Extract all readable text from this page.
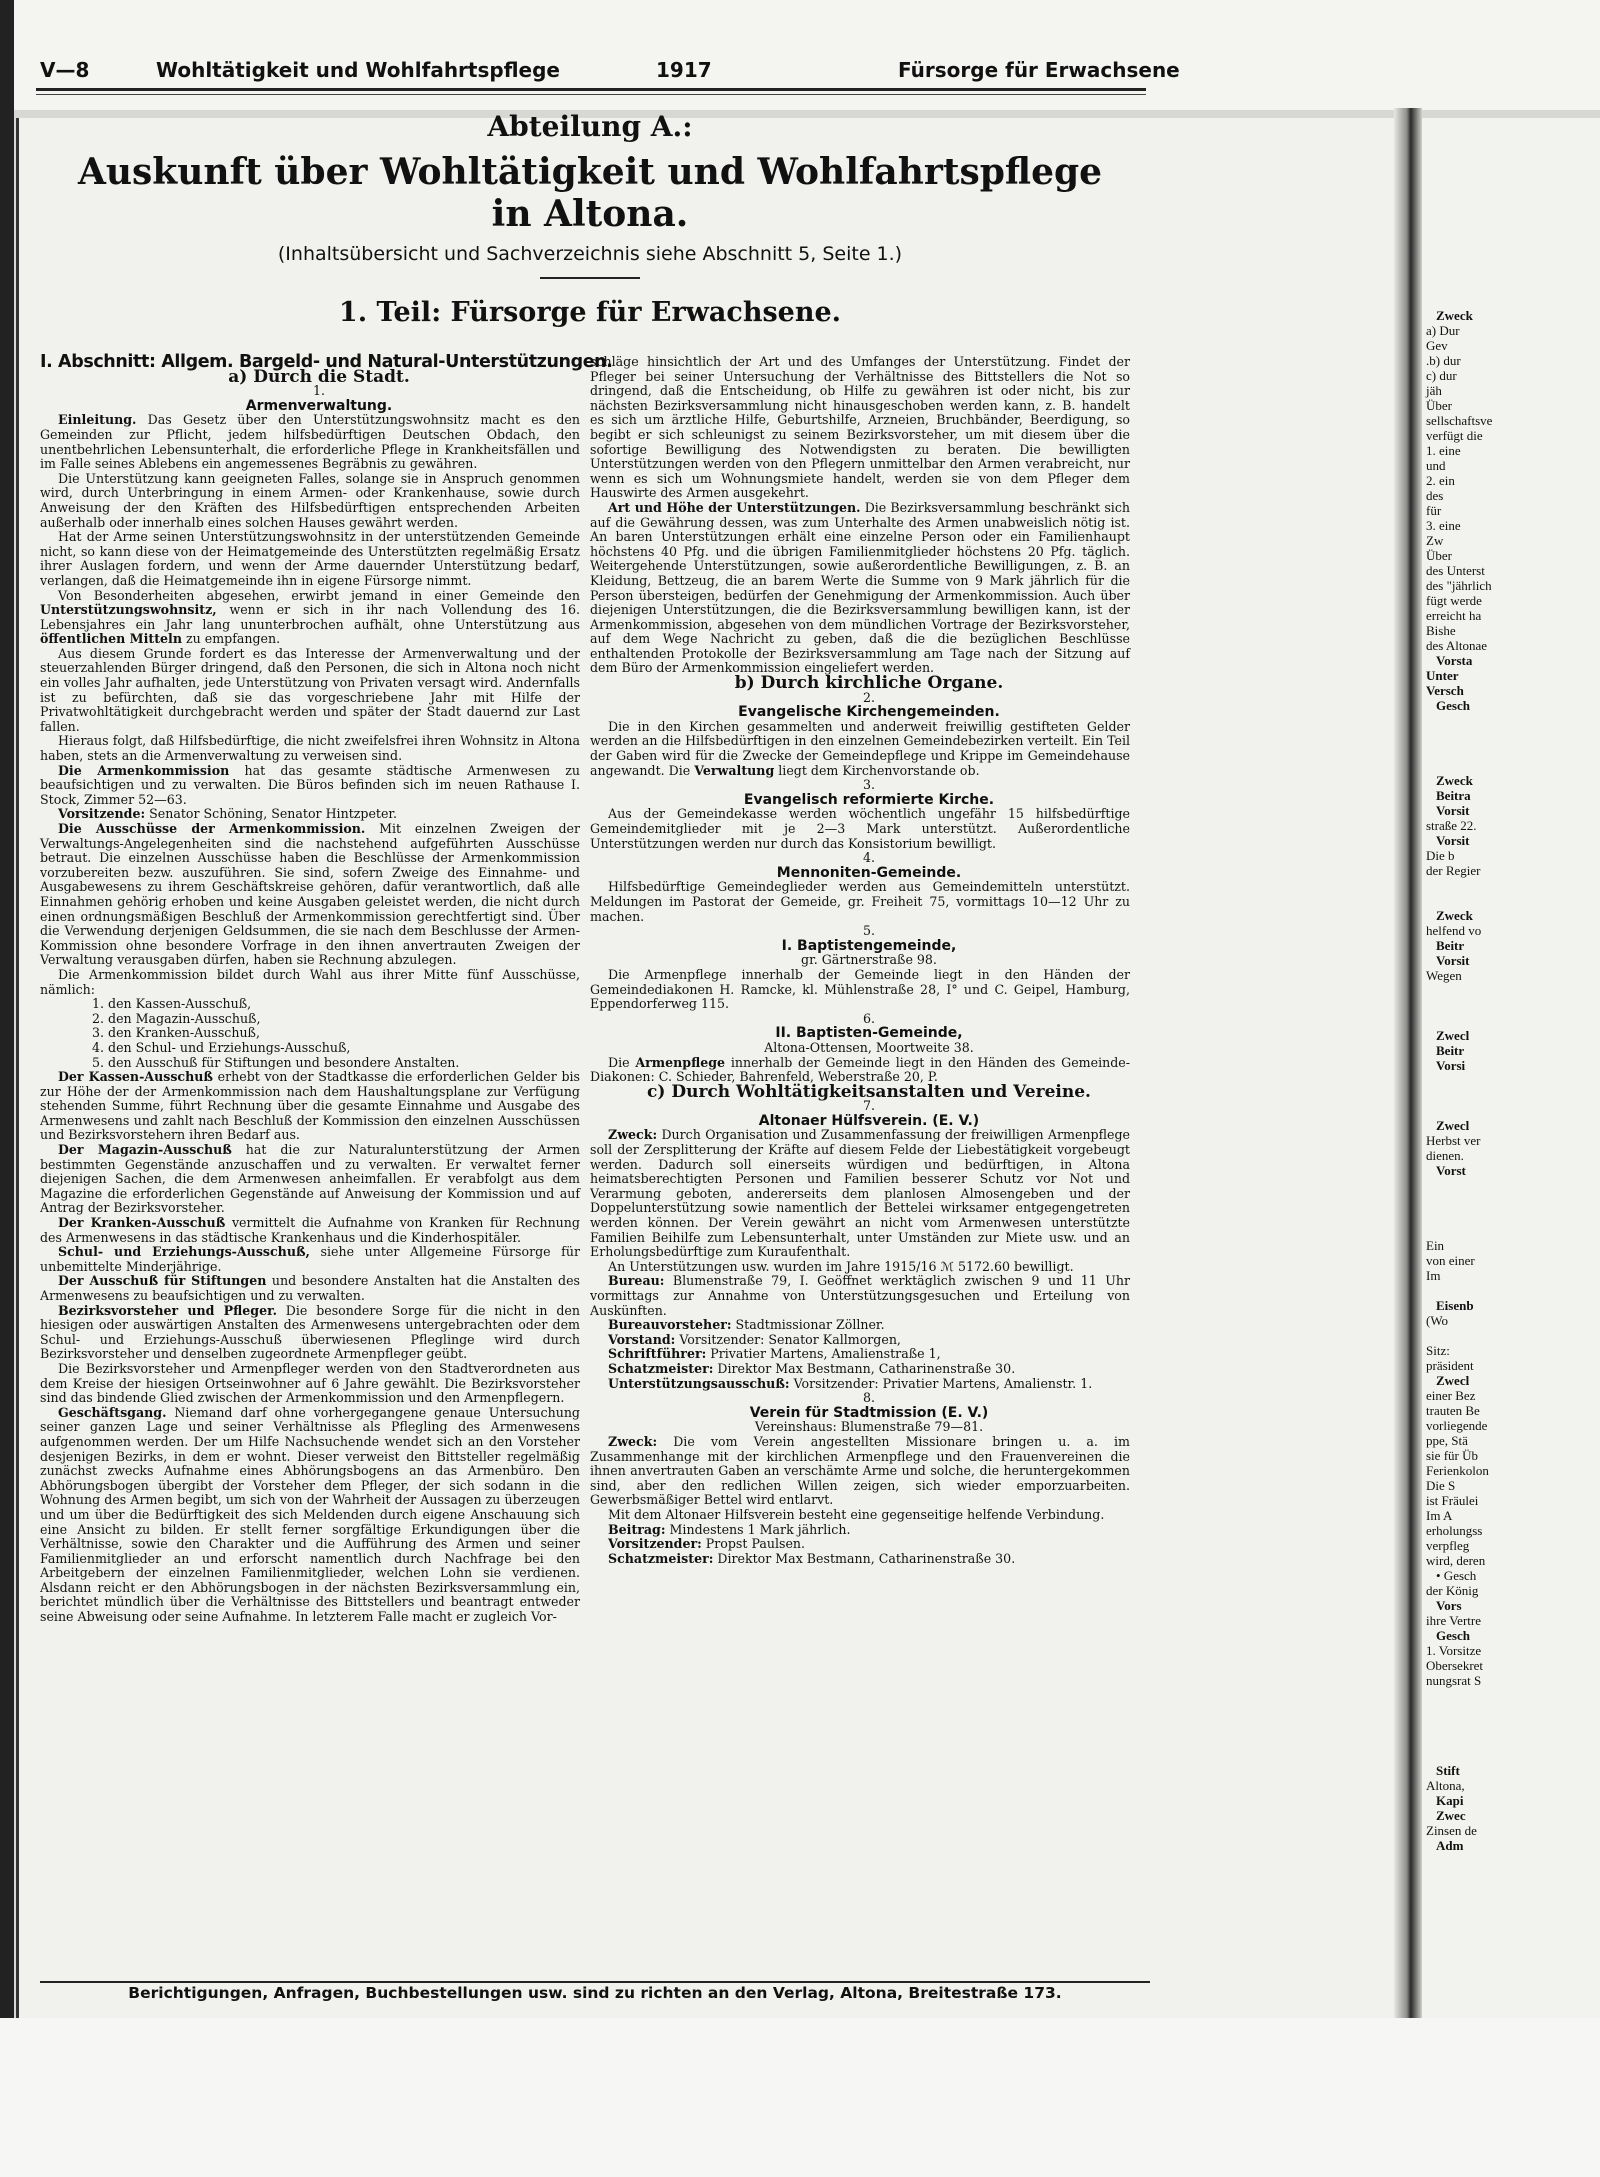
Zweck
a) Dur
Gev
.b) dur
c) dur
jäh
Über
sellschaftsve
verfügt die
1. eine
und
2. ein
des
für
3. eine
Zw
Über
des Unterst
des "jährlich
fügt werde
erreicht ha
Bishe
des Altonae
Vorsta
Unter
Versch
Gesch
Zweck
Beitra
Vorsit
straße 22.
Vorsit
Die b
der Regier
Zweck
helfend vo
Beitr
Vorsit
Wegen
Zwecl
Beitr
Vorsi
Zwecl
Herbst ver
dienen.
Vorst
Ein
von einer
Im
Eisenb
(Wo
Sitz:
präsident
Zwecl
einer Bez
trauten Be
vorliegende
ppe, Stä
sie für Üb
Ferienkolon
Die S
ist Fräulei
Im A
erholungss
verpfleg
wird, deren
• Gesch
der König
Vors
ihre Vertre
Gesch
1. Vorsitze
Obersekret
nungsrat S
Stift
Altona,
Kapi
Zwec
Zinsen de
Adm
V—8	Wohltätigkeit und Wohlfahrtspflege	1917	Fürsorge für Erwachsene
Abteilung A.:
Auskunft über Wohltätigkeit und Wohlfahrtspflege
in Altona.
(Inhaltsübersicht und Sachverzeichnis siehe Abschnitt 5, Seite 1.)
1. Teil: Fürsorge für Erwachsene.

I. Abschnitt: Allgem. Bargeld- und Natural-Unterstützungen.

a) Durch die Stadt.

1.

Armenverwaltung.

Einleitung. Das Gesetz über den Unterstützungswohnsitz macht es den Gemeinden zur Pflicht, jedem hilfsbedürftigen Deutschen Obdach, den unentbehrlichen Lebensunterhalt, die erforderliche Pflege in Krankheitsfällen und im Falle seines Ablebens ein angemessenes Begräbnis zu gewähren.

Die Unterstützung kann geeigneten Falles, solange sie in Anspruch genommen wird, durch Unterbringung in einem Armen- oder Krankenhause, sowie durch Anweisung der den Kräften des Hilfsbedürftigen entsprechenden Arbeiten außerhalb oder innerhalb eines solchen Hauses gewährt werden.

Hat der Arme seinen Unterstützungswohnsitz in der unterstützenden Gemeinde nicht, so kann diese von der Heimatgemeinde des Unterstützten regelmäßig Ersatz ihrer Auslagen fordern, und wenn der Arme dauernder Unterstützung bedarf, verlangen, daß die Heimatgemeinde ihn in eigene Fürsorge nimmt.

Von Besonderheiten abgesehen, erwirbt jemand in einer Gemeinde den Unterstützungswohnsitz, wenn er sich in ihr nach Vollendung des 16. Lebensjahres ein Jahr lang ununterbrochen aufhält, ohne Unterstützung aus öffentlichen Mitteln zu empfangen.

Aus diesem Grunde fordert es das Interesse der Armenverwaltung und der steuerzahlenden Bürger dringend, daß den Personen, die sich in Altona noch nicht ein volles Jahr aufhalten, jede Unterstützung von Privaten versagt wird. Andernfalls ist zu befürchten, daß sie das vorgeschriebene Jahr mit Hilfe der Privatwohltätigkeit durchgebracht werden und später der Stadt dauernd zur Last fallen.

Hieraus folgt, daß Hilfsbedürftige, die nicht zweifelsfrei ihren Wohnsitz in Altona haben, stets an die Armenverwaltung zu verweisen sind.

Die Armenkommission hat das gesamte städtische Armenwesen zu beaufsichtigen und zu verwalten. Die Büros befinden sich im neuen Rathause I. Stock, Zimmer 52—63.

Vorsitzende: Senator Schöning, Senator Hintzpeter.

Die Ausschüsse der Armenkommission. Mit einzelnen Zweigen der Verwaltungs-Angelegenheiten sind die nachstehend aufgeführten Ausschüsse betraut. Die einzelnen Ausschüsse haben die Beschlüsse der Armenkommission vorzubereiten bezw. auszuführen. Sie sind, sofern Zweige des Einnahme- und Ausgabewesens zu ihrem Geschäftskreise gehören, dafür verantwortlich, daß alle Einnahmen gehörig erhoben und keine Ausgaben geleistet werden, die nicht durch einen ordnungsmäßigen Beschluß der Armenkommission gerechtfertigt sind. Über die Verwendung derjenigen Geldsummen, die sie nach dem Beschlusse der Armen-Kommission ohne besondere Vorfrage in den ihnen anvertrauten Zweigen der Verwaltung verausgaben dürfen, haben sie Rechnung abzulegen.

Die Armenkommission bildet durch Wahl aus ihrer Mitte fünf Ausschüsse, nämlich:

1. den Kassen-Ausschuß,
2. den Magazin-Ausschuß,
3. den Kranken-Ausschuß,
4. den Schul- und Erziehungs-Ausschuß,
5. den Ausschuß für Stiftungen und besondere Anstalten.

Der Kassen-Ausschuß erhebt von der Stadtkasse die erforderlichen Gelder bis zur Höhe der der Armenkommission nach dem Haushaltungsplane zur Verfügung stehenden Summe, führt Rechnung über die gesamte Einnahme und Ausgabe des Armenwesens und zahlt nach Beschluß der Kommission den einzelnen Ausschüssen und Bezirksvorstehern ihren Bedarf aus.

Der Magazin-Ausschuß hat die zur Naturalunterstützung der Armen bestimmten Gegenstände anzuschaffen und zu verwalten. Er verwaltet ferner diejenigen Sachen, die dem Armenwesen anheimfallen. Er verabfolgt aus dem Magazine die erforderlichen Gegenstände auf Anweisung der Kommission und auf Antrag der Bezirksvorsteher.

Der Kranken-Ausschuß vermittelt die Aufnahme von Kranken für Rechnung des Armenwesens in das städtische Krankenhaus und die Kinderhospitäler.

Schul- und Erziehungs-Ausschuß, siehe unter Allgemeine Fürsorge für unbemittelte Minderjährige.

Der Ausschuß für Stiftungen und besondere Anstalten hat die Anstalten des Armenwesens zu beaufsichtigen und zu verwalten.

Bezirksvorsteher und Pfleger. Die besondere Sorge für die nicht in den hiesigen oder auswärtigen Anstalten des Armenwesens untergebrachten oder dem Schul- und Erziehungs-Ausschuß überwiesenen Pfleglinge wird durch Bezirksvorsteher und denselben zugeordnete Armenpfleger geübt.

Die Bezirksvorsteher und Armenpfleger werden von den Stadtverordneten aus dem Kreise der hiesigen Ortseinwohner auf 6 Jahre gewählt. Die Bezirksvorsteher sind das bindende Glied zwischen der Armenkommission und den Armenpflegern.

Geschäftsgang. Niemand darf ohne vorhergegangene genaue Untersuchung seiner ganzen Lage und seiner Verhältnisse als Pflegling des Armenwesens aufgenommen werden. Der um Hilfe Nachsuchende wendet sich an den Vorsteher desjenigen Bezirks, in dem er wohnt. Dieser verweist den Bittsteller regelmäßig zunächst zwecks Aufnahme eines Abhörungsbogens an das Armenbüro. Den Abhörungsbogen übergibt der Vorsteher dem Pfleger, der sich sodann in die Wohnung des Armen begibt, um sich von der Wahrheit der Aussagen zu überzeugen und um über die Bedürftigkeit des sich Meldenden durch eigene Anschauung sich eine Ansicht zu bilden. Er stellt ferner sorgfältige Erkundigungen über die Verhältnisse, sowie den Charakter und die Aufführung des Armen und seiner Familienmitglieder an und erforscht namentlich durch Nachfrage bei den Arbeitgebern der einzelnen Familienmitglieder, welchen Lohn sie verdienen. Alsdann reicht er den Abhörungsbogen in der nächsten Bezirksversammlung ein, berichtet mündlich über die Verhältnisse des Bittstellers und beantragt entweder seine Abweisung oder seine Aufnahme. In letzterem Falle macht er zugleich Vor-

schläge hinsichtlich der Art und des Umfanges der Unterstützung. Findet der Pfleger bei seiner Untersuchung der Verhältnisse des Bittstellers die Not so dringend, daß die Entscheidung, ob Hilfe zu gewähren ist oder nicht, bis zur nächsten Bezirksversammlung nicht hinausgeschoben werden kann, z. B. handelt es sich um ärztliche Hilfe, Geburtshilfe, Arzneien, Bruchbänder, Beerdigung, so begibt er sich schleunigst zu seinem Bezirksvorsteher, um mit diesem über die sofortige Bewilligung des Notwendigsten zu beraten. Die bewilligten Unterstützungen werden von den Pflegern unmittelbar den Armen verabreicht, nur wenn es sich um Wohnungsmiete handelt, werden sie von dem Pfleger dem Hauswirte des Armen ausgekehrt.

Art und Höhe der Unterstützungen. Die Bezirksversammlung beschränkt sich auf die Gewährung dessen, was zum Unterhalte des Armen unabweislich nötig ist. An baren Unterstützungen erhält eine einzelne Person oder ein Familienhaupt höchstens 40 Pfg. und die übrigen Familienmitglieder höchstens 20 Pfg. täglich. Weitergehende Unterstützungen, sowie außerordentliche Bewilligungen, z. B. an Kleidung, Bettzeug, die an barem Werte die Summe von 9 Mark jährlich für die Person übersteigen, bedürfen der Genehmigung der Armenkommission. Auch über diejenigen Unterstützungen, die die Bezirksversammlung bewilligen kann, ist der Armenkommission, abgesehen von dem mündlichen Vortrage der Bezirksvorsteher, auf dem Wege Nachricht zu geben, daß die die bezüglichen Beschlüsse enthaltenden Protokolle der Bezirksversammlung am Tage nach der Sitzung auf dem Büro der Armenkommission eingeliefert werden.

b) Durch kirchliche Organe.

2.

Evangelische Kirchengemeinden.

Die in den Kirchen gesammelten und anderweit freiwillig gestifteten Gelder werden an die Hilfsbedürftigen in den einzelnen Gemeindebezirken verteilt. Ein Teil der Gaben wird für die Zwecke der Gemeindepflege und Krippe im Gemeindehause angewandt. Die Verwaltung liegt dem Kirchenvorstande ob.

3.

Evangelisch reformierte Kirche.

Aus der Gemeindekasse werden wöchentlich ungefähr 15 hilfsbedürftige Gemeindemitglieder mit je 2—3 Mark unterstützt. Außerordentliche Unterstützungen werden nur durch das Konsistorium bewilligt.

4.

Mennoniten-Gemeinde.

Hilfsbedürftige Gemeindeglieder werden aus Gemeindemitteln unterstützt. Meldungen im Pastorat der Gemeide, gr. Freiheit 75, vormittags 10—12 Uhr zu machen.

5.

I. Baptistengemeinde,

gr. Gärtnerstraße 98.

Die Armenpflege innerhalb der Gemeinde liegt in den Händen der Gemeindediakonen H. Ramcke, kl. Mühlenstraße 28, I° und C. Geipel, Hamburg, Eppendorferweg 115.

6.

II. Baptisten-Gemeinde,

Altona-Ottensen, Moortweite 38.

Die Armenpflege innerhalb der Gemeinde liegt in den Händen des Gemeinde-Diakonen: C. Schieder, Bahrenfeld, Weberstraße 20, P.

c) Durch Wohltätigkeitsanstalten und Vereine.

7.

Altonaer Hülfsverein. (E. V.)

Zweck: Durch Organisation und Zusammenfassung der freiwilligen Armenpflege soll der Zersplitterung der Kräfte auf diesem Felde der Liebestätigkeit vorgebeugt werden. Dadurch soll einerseits würdigen und bedürftigen, in Altona heimatsberechtigten Personen und Familien besserer Schutz vor Not und Verarmung geboten, andererseits dem planlosen Almosengeben und der Doppelunterstützung sowie namentlich der Bettelei wirksamer entgegengetreten werden können. Der Verein gewährt an nicht vom Armenwesen unterstützte Familien Beihilfe zum Lebensunterhalt, unter Umständen zur Miete usw. und an Erholungsbedürftige zum Kuraufenthalt.

An Unterstützungen usw. wurden im Jahre 1915/16 ℳ 5172.60 bewilligt.

Bureau: Blumenstraße 79, I. Geöffnet werktäglich zwischen 9 und 11 Uhr vormittags zur Annahme von Unterstützungsgesuchen und Erteilung von Auskünften.

Bureauvorsteher: Stadtmissionar Zöllner.

Vorstand: Vorsitzender: Senator Kallmorgen,

Schriftführer: Privatier Martens, Amalienstraße 1,

Schatzmeister: Direktor Max Bestmann, Catharinenstraße 30.

Unterstützungsausschuß: Vorsitzender: Privatier Martens, Amalienstr. 1.

8.

Verein für Stadtmission (E. V.)

Vereinshaus: Blumenstraße 79—81.

Zweck: Die vom Verein angestellten Missionare bringen u. a. im Zusammenhange mit der kirchlichen Armenpflege und den Frauenvereinen die ihnen anvertrauten Gaben an verschämte Arme und solche, die heruntergekommen sind, aber den redlichen Willen zeigen, sich wieder emporzuarbeiten. Gewerbsmäßiger Bettel wird entlarvt.

Mit dem Altonaer Hilfsverein besteht eine gegenseitige helfende Verbindung.

Beitrag: Mindestens 1 Mark jährlich.

Vorsitzender: Propst Paulsen.

Schatzmeister: Direktor Max Bestmann, Catharinenstraße 30.

Berichtigungen, Anfragen, Buchbestellungen usw. sind zu richten an den Verlag, Altona, Breitestraße 173.
